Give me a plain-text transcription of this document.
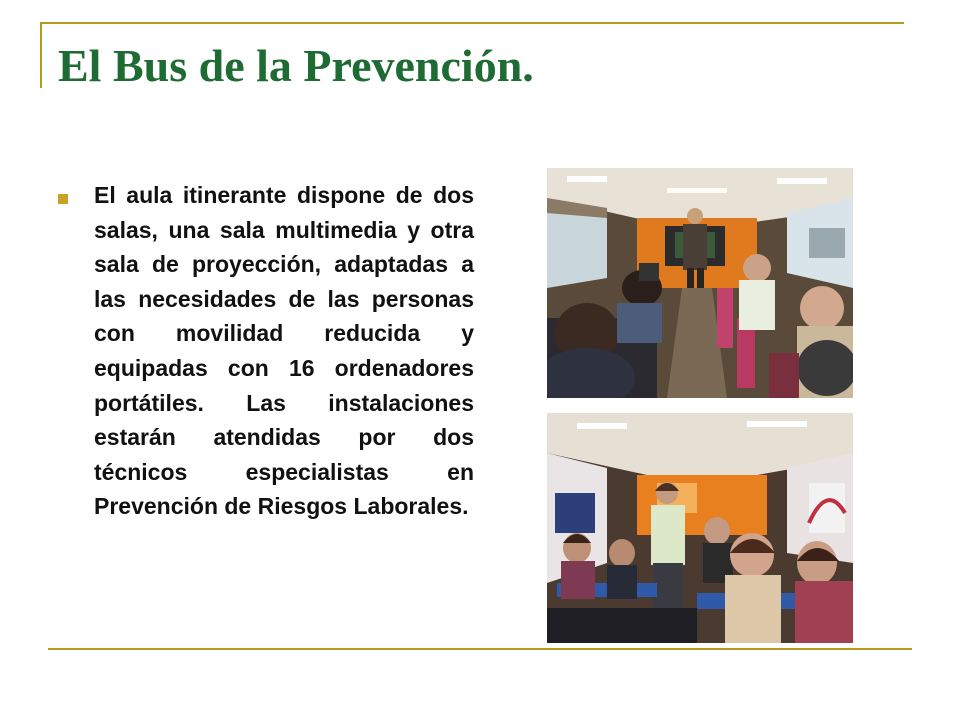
El Bus de la Prevención.

El aula itinerante dispone de dos salas, una sala multimedia y otra sala de proyección, adaptadas a las necesidades de las personas con movilidad reducida y equipadas con 16 ordenadores portátiles. Las instalaciones estarán atendidas por dos técnicos especialistas en Prevención de Riesgos Laborales.
